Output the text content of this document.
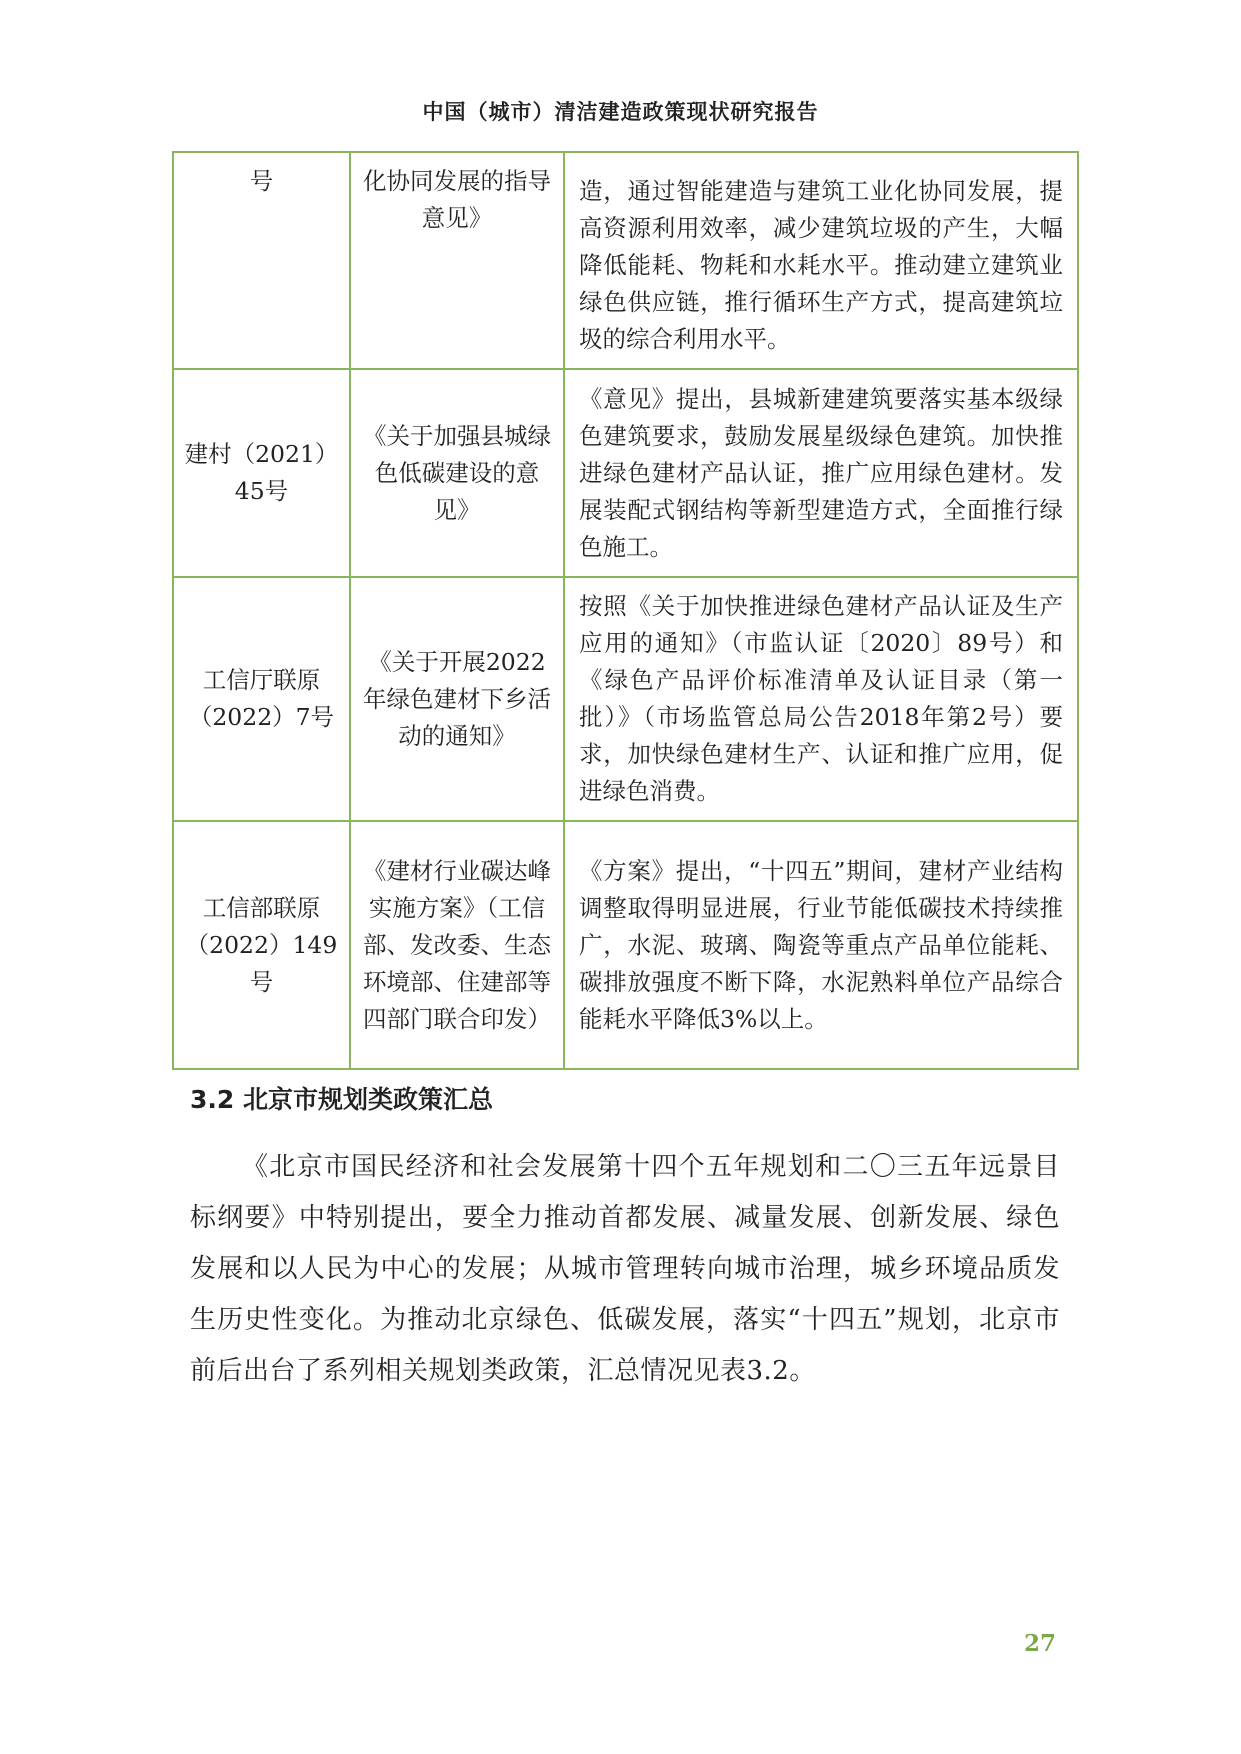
中国（城市）清洁建造政策现状研究报告
号	化协同发展的指导意见》	造，通过智能建造与建筑工业化协同发展，提高资源利用效率，减少建筑垃圾的产生，大幅降低能耗、物耗和水耗水平。推动建立建筑业绿色供应链，推行循环生产方式，提高建筑垃圾的综合利用水平。

建村（2021）45号	《关于加强县城绿色低碳建设的意见》	《意见》提出，县城新建建筑要落实基本级绿色建筑要求，鼓励发展星级绿色建筑。加快推进绿色建材产品认证，推广应用绿色建材。发展装配式钢结构等新型建造方式，全面推行绿色施工。

工信厅联原（2022）7号	《关于开展2022年绿色建材下乡活动的通知》	按照《关于加快推进绿色建材产品认证及生产应用的通知》（市监认证〔2020〕89号）和《绿色产品评价标准清单及认证目录（第一批）》（市场监管总局公告2018年第2号）要求，加快绿色建材生产、认证和推广应用，促进绿色消费。

工信部联原（2022）149号	《建材行业碳达峰实施方案》（工信部、发改委、生态环境部、住建部等四部门联合印发）	《方案》提出，“十四五”期间，建材产业结构调整取得明显进展，行业节能低碳技术持续推广，水泥、玻璃、陶瓷等重点产品单位能耗、碳排放强度不断下降，水泥熟料单位产品综合能耗水平降低3%以上。
3.2 北京市规划类政策汇总

《北京市国民经济和社会发展第十四个五年规划和二〇三五年远景目标纲要》中特别提出，要全力推动首都发展、减量发展、创新发展、绿色发展和以人民为中心的发展；从城市管理转向城市治理，城乡环境品质发生历史性变化。为推动北京绿色、低碳发展，落实“十四五”规划，北京市前后出台了系列相关规划类政策，汇总情况见表3.2。

27
